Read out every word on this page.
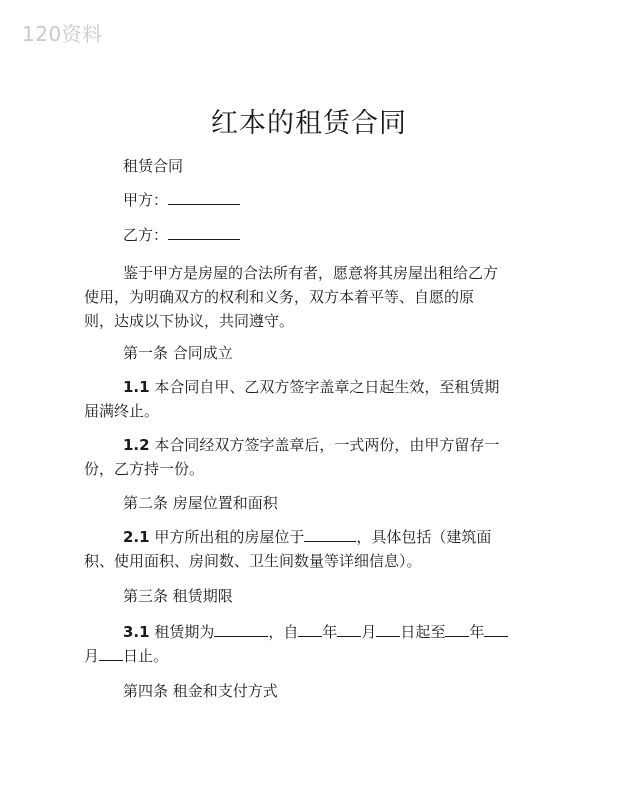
120资料
红本的租赁合同
租赁合同
甲方：
乙方：
鉴于甲方是房屋的合法所有者，愿意将其房屋出租给乙方
使用，为明确双方的权利和义务，双方本着平等、自愿的原
则，达成以下协议，共同遵守。
第一条 合同成立
1.1 本合同自甲、乙双方签字盖章之日起生效，至租赁期
届满终止。
1.2 本合同经双方签字盖章后，一式两份，由甲方留存一
份，乙方持一份。
第二条 房屋位置和面积
2.1 甲方所出租的房屋位于	，具体包括（建筑面
积、使用面积、房间数、卫生间数量等详细信息）。
第三条 租赁期限
3.1 租赁期为	，自 年 月 日起至 年
月 日止。
第四条 租金和支付方式
